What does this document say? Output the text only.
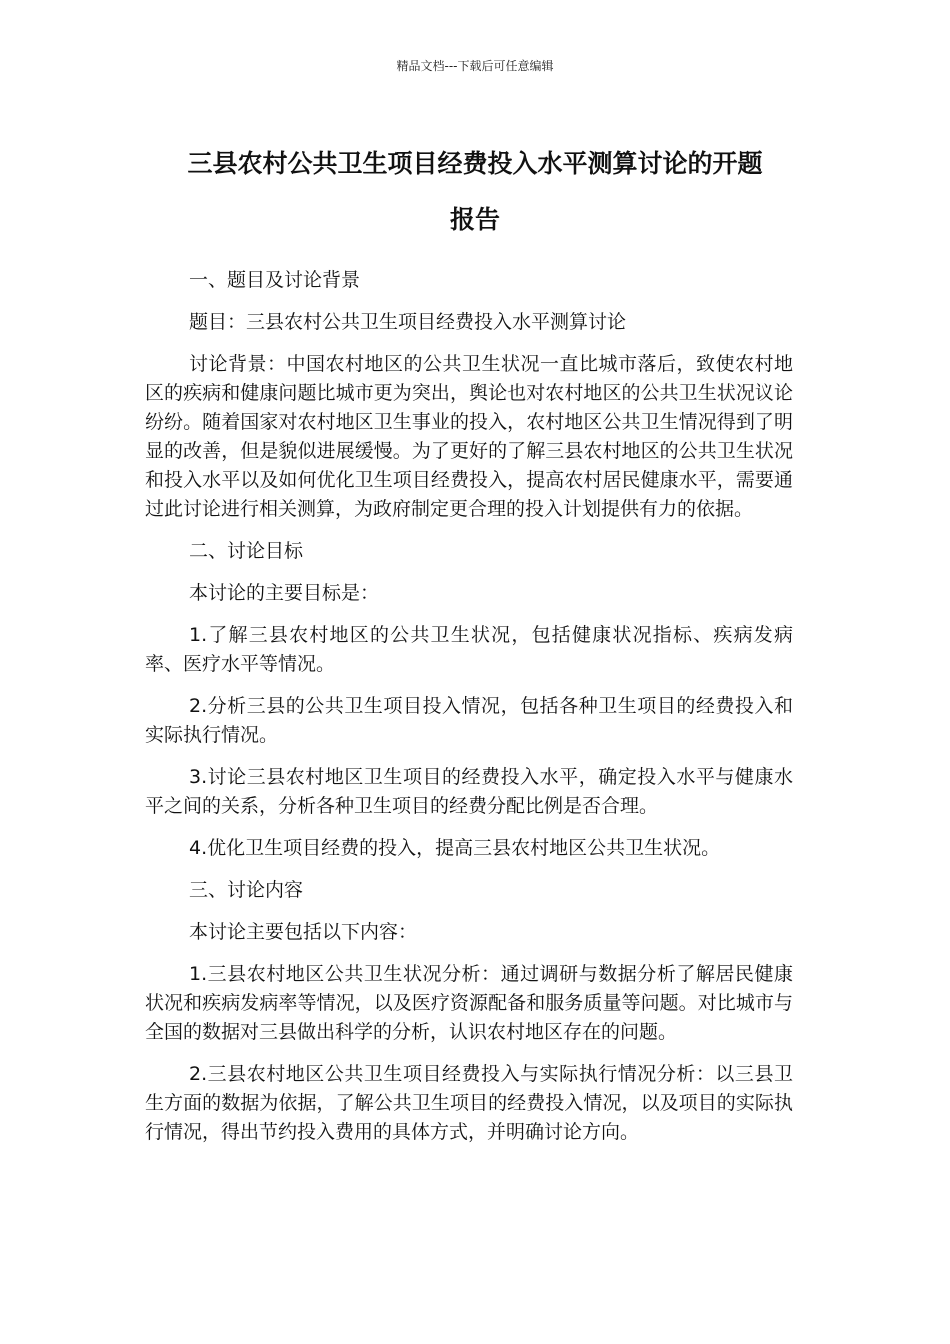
精品文档---下载后可任意编辑
三县农村公共卫生项目经费投入水平测算讨论的开题
报告

一、题目及讨论背景

题目：三县农村公共卫生项目经费投入水平测算讨论

讨论背景：中国农村地区的公共卫生状况一直比城市落后，致使农村地区的疾病和健康问题比城市更为突出，舆论也对农村地区的公共卫生状况议论纷纷。随着国家对农村地区卫生事业的投入，农村地区公共卫生情况得到了明显的改善，但是貌似进展缓慢。为了更好的了解三县农村地区的公共卫生状况和投入水平以及如何优化卫生项目经费投入，提高农村居民健康水平，需要通过此讨论进行相关测算，为政府制定更合理的投入计划提供有力的依据。

二、讨论目标

本讨论的主要目标是：

1.了解三县农村地区的公共卫生状况，包括健康状况指标、疾病发病率、医疗水平等情况。

2.分析三县的公共卫生项目投入情况，包括各种卫生项目的经费投入和实际执行情况。

3.讨论三县农村地区卫生项目的经费投入水平，确定投入水平与健康水平之间的关系，分析各种卫生项目的经费分配比例是否合理。

4.优化卫生项目经费的投入，提高三县农村地区公共卫生状况。

三、讨论内容

本讨论主要包括以下内容：

1.三县农村地区公共卫生状况分析：通过调研与数据分析了解居民健康状况和疾病发病率等情况，以及医疗资源配备和服务质量等问题。对比城市与全国的数据对三县做出科学的分析，认识农村地区存在的问题。

2.三县农村地区公共卫生项目经费投入与实际执行情况分析：以三县卫生方面的数据为依据，了解公共卫生项目的经费投入情况，以及项目的实际执行情况，得出节约投入费用的具体方式，并明确讨论方向。
